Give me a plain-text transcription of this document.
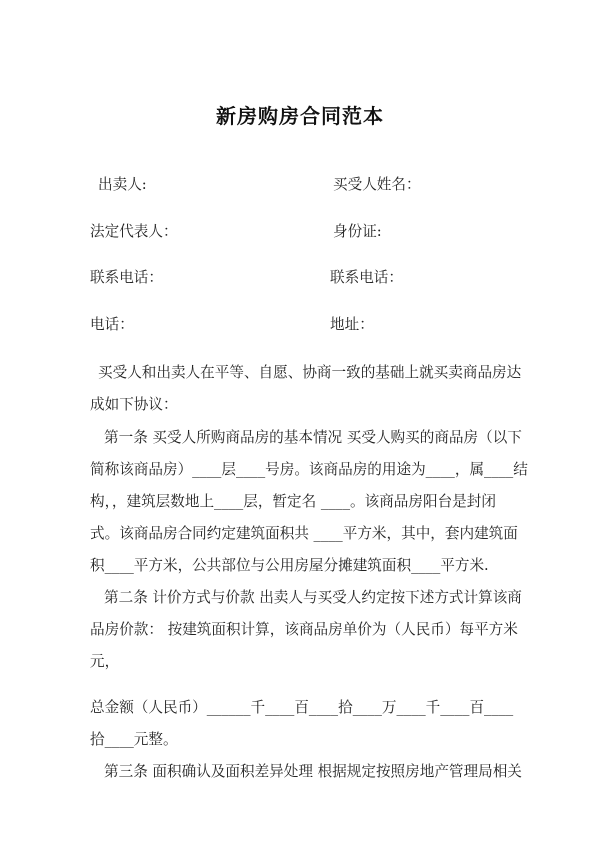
新房购房合同范本
出卖人:	买受人姓名：
法定代表人：	身份证:
联系电话：	联系电话：
电话：	地址：
买受人和出卖人在平等、自愿、协商一致的基础上就买卖商品房达
成如下协议：
第一条 买受人所购商品房的基本情况 买受人购买的商品房（以下
简称该商品房）____层____号房。该商品房的用途为____，属____结
构，，建筑层数地上____层，暂定名 ____。该商品房阳台是封闭
式。该商品房合同约定建筑面积共 ____平方米，其中，套内建筑面
积____平方米，公共部位与公用房屋分摊建筑面积____平方米.
第二条 计价方式与价款 出卖人与买受人约定按下述方式计算该商
品房价款： 按建筑面积计算，该商品房单价为（人民币）每平方米
元，
总金额（人民币）______千____百____拾____万____千____百____
拾____元整。
第三条 面积确认及面积差异处理 根据规定按照房地产管理局相关
